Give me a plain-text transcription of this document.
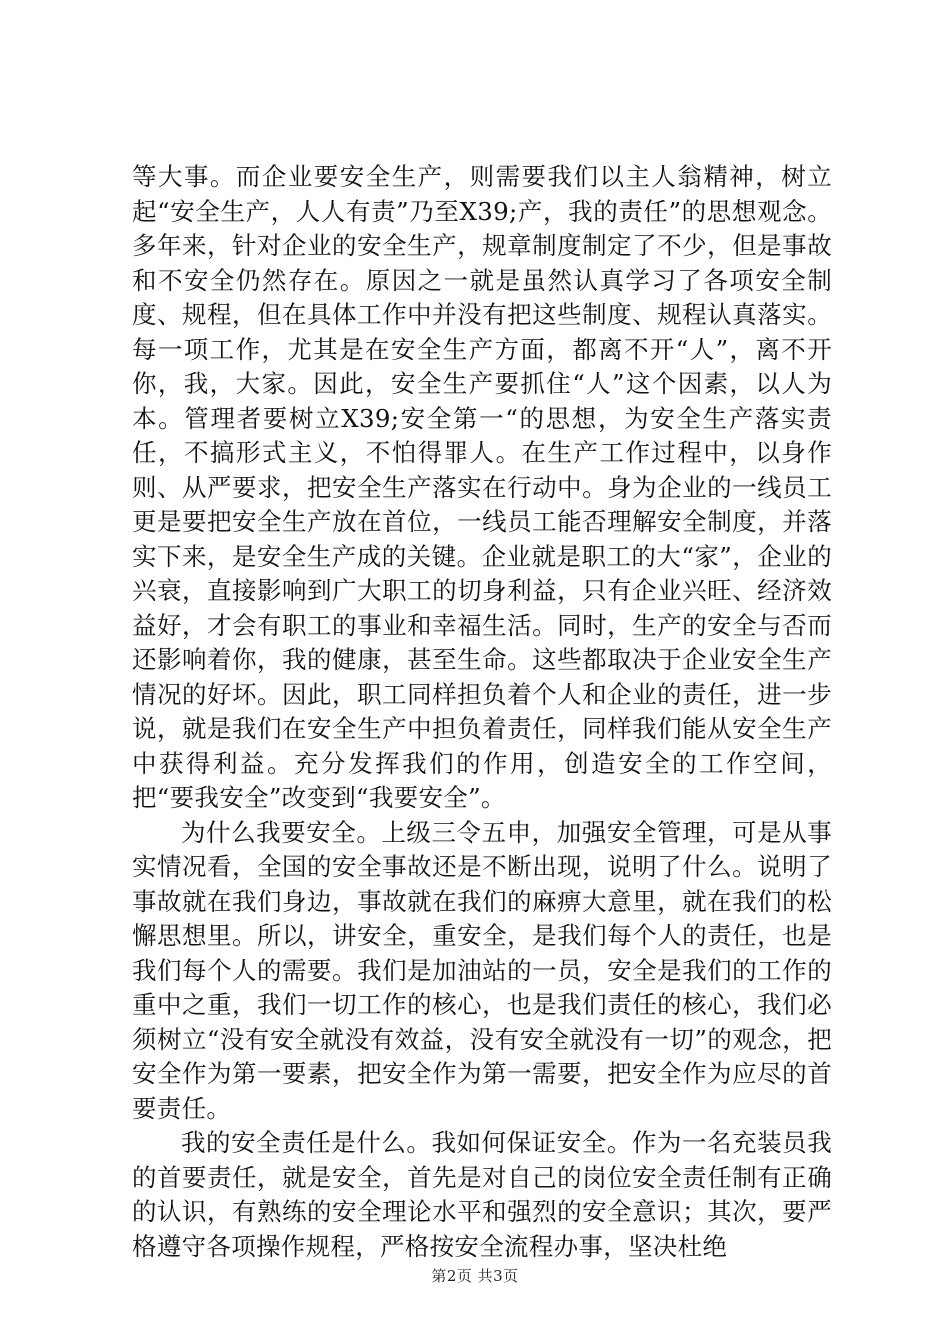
等大事。而企业要安全生产，则需要我们以主人翁精神，树立起“安全生产，人人有责”乃至X39;产，我的责任”的思想观念。多年来，针对企业的安全生产，规章制度制定了不少，但是事故和不安全仍然存在。原因之一就是虽然认真学习了各项安全制度、规程，但在具体工作中并没有把这些制度、规程认真落实。每一项工作，尤其是在安全生产方面，都离不开“人”，离不开你，我，大家。因此，安全生产要抓住“人”这个因素，以人为本。管理者要树立X39;安全第一“的思想，为安全生产落实责任，不搞形式主义，不怕得罪人。在生产工作过程中，以身作则、从严要求，把安全生产落实在行动中。身为企业的一线员工更是要把安全生产放在首位，一线员工能否理解安全制度，并落实下来，是安全生产成的关键。企业就是职工的大“家”，企业的兴衰，直接影响到广大职工的切身利益，只有企业兴旺、经济效益好，才会有职工的事业和幸福生活。同时，生产的安全与否而还影响着你，我的健康，甚至生命。这些都取决于企业安全生产情况的好坏。因此，职工同样担负着个人和企业的责任，进一步说，就是我们在安全生产中担负着责任，同样我们能从安全生产中获得利益。充分发挥我们的作用，创造安全的工作空间，把“要我安全”改变到“我要安全”。

为什么我要安全。上级三令五申，加强安全管理，可是从事实情况看，全国的安全事故还是不断出现，说明了什么。说明了事故就在我们身边，事故就在我们的麻痹大意里，就在我们的松懈思想里。所以，讲安全，重安全，是我们每个人的责任，也是我们每个人的需要。我们是加油站的一员，安全是我们的工作的重中之重，我们一切工作的核心，也是我们责任的核心，我们必须树立“没有安全就没有效益，没有安全就没有一切”的观念，把安全作为第一要素，把安全作为第一需要，把安全作为应尽的首要责任。

我的安全责任是什么。我如何保证安全。作为一名充装员我的首要责任，就是安全，首先是对自己的岗位安全责任制有正确的认识，有熟练的安全理论水平和强烈的安全意识；其次，要严格遵守各项操作规程，严格按安全流程办事，坚决杜绝

第2页 共3页
